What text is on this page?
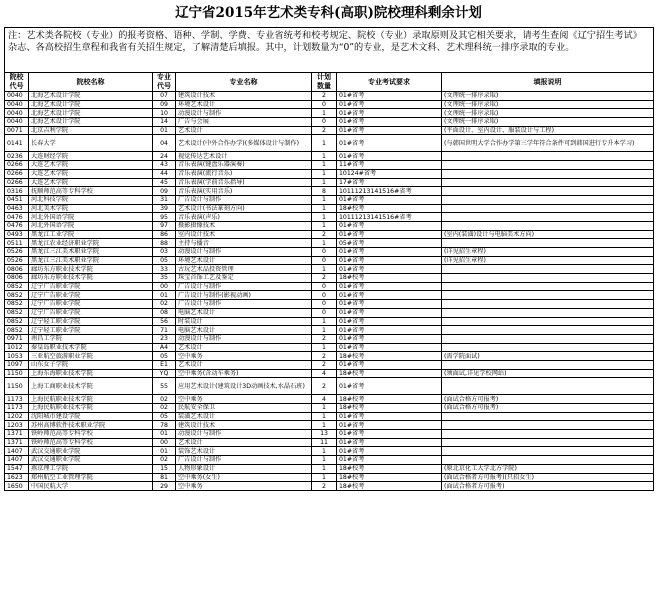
辽宁省2015年艺术类专科(高职)院校理科剩余计划
注：艺术类各院校（专业）的报考资格、语种、学制、学费、专业省统考和校考规定、院校（专业）录取原则及其它相关要求，请考生查阅《辽宁招生考试》杂志、各高校招生章程和我省有关招生规定，了解清楚后填报。其中，计划数量为“0”的专业，是艺术文科、艺术理科统一排序录取的专业。						
院校代号	院校名称	专业代号	专业名称	计划数量	专业考试要求	填报说明
0040	北海艺术设计学院	07	建筑设计技术	2	01#省考	(文理统一排序录取)
0040	北海艺术设计学院	09	环境艺术设计	0	01#省考	(文理统一排序录取)
0040	北海艺术设计学院	10	动漫设计与制作	1	01#省考	(文理统一排序录取)
0040	北海艺术设计学院	14	广告与会展	0	01#省考	(文理统一排序录取)
0071	北京吉利学院	01	艺术设计	2	01#省考	(平面设计、室内设计、服装设计与工程)
0141	长春大学	04	艺术设计(中外合作办学)(多媒体设计与制作)	1	01#省考	(与韩国世明大学合作办学第三学年符合条件可到韩国进行专升本学习)
0236	大连财经学院	24	视觉传达艺术设计	1	01#省考	
0266	大连艺术学院	43	音乐表演(键盘乐器演奏)	1	11#省考	
0266	大连艺术学院	44	音乐表演(流行音乐)	1	10124#省考	
0266	大连艺术学院	45	音乐表演(学前音乐指导)	1	17#省考	
0316	抚顺师范高等专科学校	09	音乐表演(实用音乐)	8	10111213141516#省考	
0451	河北科技学院	31	广告设计与制作	1	01#省考	
0463	河北美术学院	39	艺术设计(书法篆刻方向)	1	18#校考	
0476	河北外国语学院	95	音乐表演(声乐)	1	10111213141516#省考	
0476	河北外国语学院	97	摄影摄像技术	1	01#省考	
0493	黑龙江工业学院	86	室内设计技术	2	01#省考	(室内(装潢)设计与电脑美术方向)
0511	黑龙江农业经济职业学院	88	主持与播音	1	05#省考	
0526	黑龙江三江美术职业学院	03	动漫设计与制作	0	01#省考	(详见招生章程)
0526	黑龙江三江美术职业学院	05	环境艺术设计	0	01#省考	(详见招生章程)
0806	廊坊东方职业技术学院	33	古玩艺术品投资管理	1	01#省考	
0806	廊坊东方职业技术学院	35	珠宝首饰工艺及鉴定	2	18#校考	
0852	辽宁广告职业学院	00	广告设计与制作	0	01#省考	
0852	辽宁广告职业学院	01	广告设计与制作(影视动画)	0	01#省考	
0852	辽宁广告职业学院	02	广告设计与制作	0	01#省考	
0852	辽宁广告职业学院	08	电脑艺术设计	0	01#省考	
0852	辽宁轻工职业学院	56	时装设计	1	01#省考	
0852	辽宁轻工职业学院	71	电脑艺术设计	1	01#省考	
0971	南昌工学院	23	动漫设计与制作	2	01#省考	
1012	秦皇岛职业技术学院	A4	艺术设计	1	01#省考	
1053	三亚航空旅游职业学院	05	空中乘务	2	18#校考	(需学院面试)
1097	山东女子学院	E1	艺术设计	2	01#省考	
1150	上海东海职业技术学院	YQ	空中乘务(含动车乘务)	4	18#校考	(须面试,详见学校网站)
1150	上海工商职业技术学院	55	应用艺术设计(建筑设计3D动画技术,水晶石班)	2	01#省考	
1173	上海民航职业技术学院	02	空中乘务	4	18#校考	(面试合格方可报考)
1173	上海民航职业技术学院	02	民航安全保卫	1	18#校考	(面试合格方可报考)
1202	沈阳城市建设学院	05	装潢艺术设计	1	01#省考	
1203	苏州高博软件技术职业学院	78	建筑设计技术	1	01#省考	
1371	铁岭师范高等专科学校	01	动漫设计与制作	13	01#省考	
1371	铁岭师范高等专科学校	00	艺术设计	11	01#省考	
1407	武汉交通职业学院	01	装饰艺术设计	1	01#省考	
1407	武汉交通职业学院	02	广告设计与制作	1	01#省考	
1547	燕京理工学院	15	人物形象设计	1	18#校考	(原北京化工大学北方学院)
1623	郑州航空工业管理学院	81	空中乘务(女生)	1	18#校考	(面试合格者方可报考)(只招女生)
1650	中国民航大学	29	空中乘务	2	18#校考	(面试合格者方可报考)
